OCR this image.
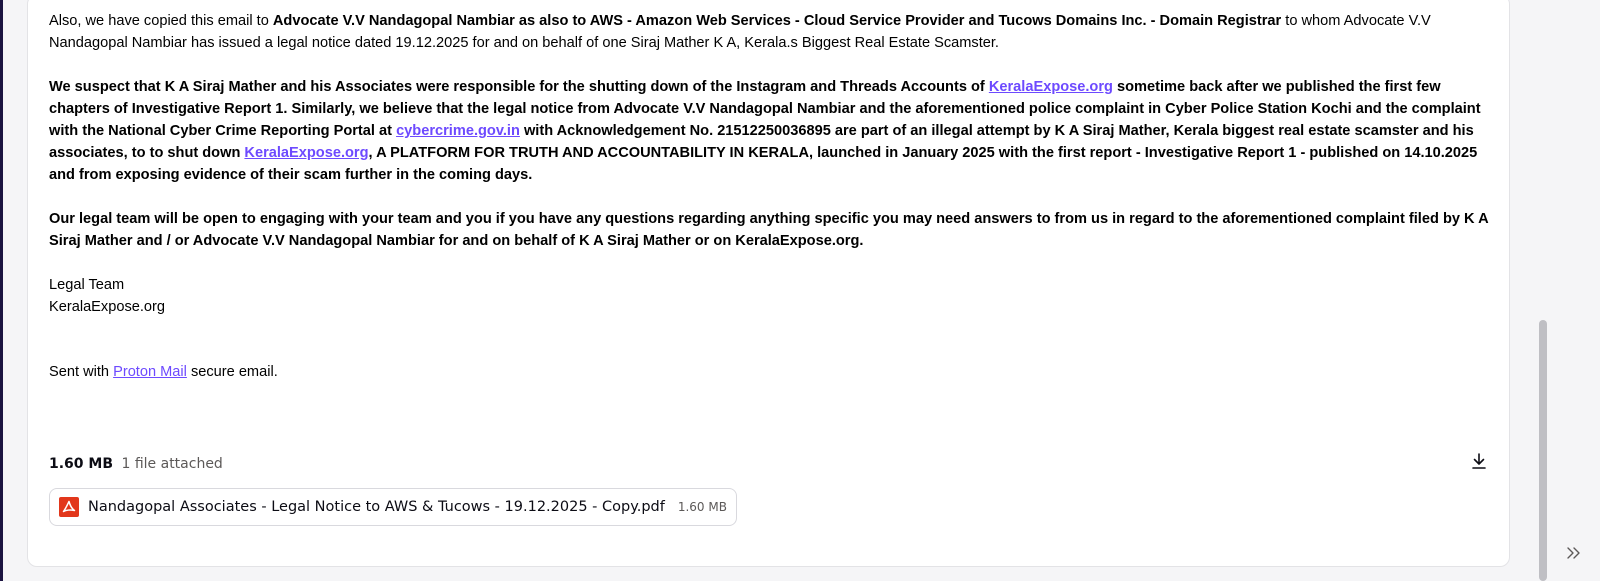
Also, we have copied this email to Advocate V.V Nandagopal Nambiar as also to AWS - Amazon Web Services - Cloud Service Provider and Tucows Domains Inc. - Domain Registrar to whom Advocate V.V Nandagopal Nambiar has issued a legal notice dated 19.12.2025 for and on behalf of one Siraj Mather K A, Kerala.s Biggest Real Estate Scamster.

We suspect that K A Siraj Mather and his Associates were responsible for the shutting down of the Instagram and Threads Accounts of KeralaExpose.org sometime back after we published the first few chapters of Investigative Report 1. Similarly, we believe that the legal notice from Advocate V.V Nandagopal Nambiar and the aforementioned police complaint in Cyber Police Station Kochi and the complaint with the National Cyber Crime Reporting Portal at cybercrime.gov.in with Acknowledgement No. 21512250036895 are part of an illegal attempt by K A Siraj Mather, Kerala biggest real estate scamster and his associates, to to shut down KeralaExpose.org, A PLATFORM FOR TRUTH AND ACCOUNTABILITY IN KERALA, launched in January 2025 with the first report - Investigative Report 1 - published on 14.10.2025 and from exposing evidence of their scam further in the coming days.

Our legal team will be open to engaging with your team and you if you have any questions regarding anything specific you may need answers to from us in regard to the aforementioned complaint filed by K A Siraj Mather and / or Advocate V.V Nandagopal Nambiar for and on behalf of K A Siraj Mather or on KeralaExpose.org.

Legal Team
KeralaExpose.org

Sent with Proton Mail secure email.

1.60 MB 1 file attached
Nandagopal Associates - Legal Notice to AWS & Tucows - 19.12.2025 - Copy.pdf 1.60 MB
